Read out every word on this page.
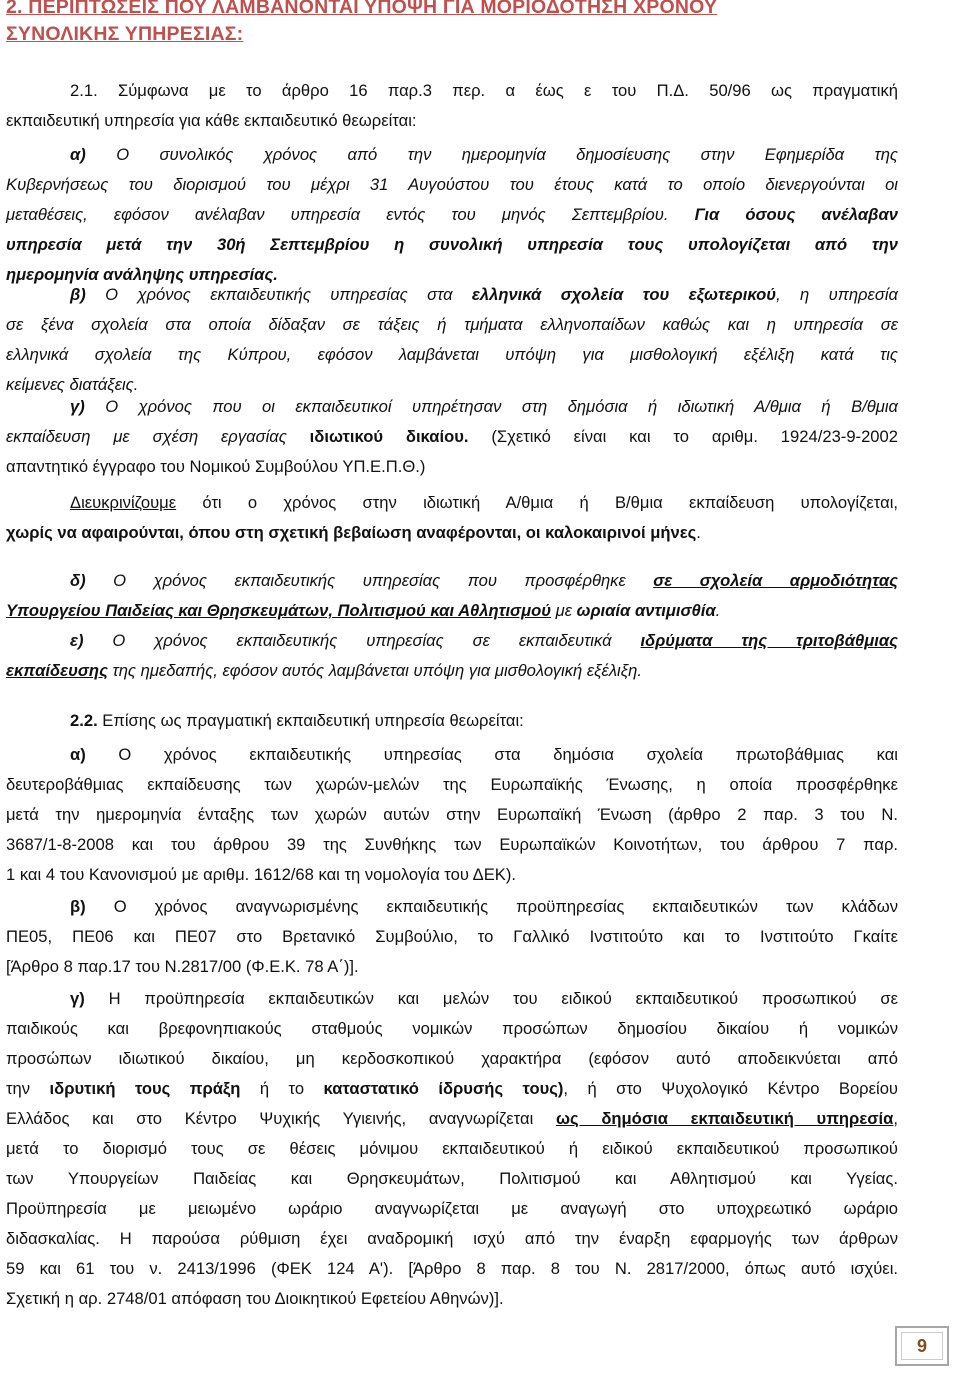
2. ΠΕΡΙΠΤΩΣΕΙΣ ΠΟΥ ΛΑΜΒΑΝΟΝΤΑΙ ΥΠΟΨΗ ΓΙΑ ΜΟΡΙΟΔΟΤΗΣΗ ΧΡΟΝΟΥ
ΣΥΝΟΛΙΚΗΣ ΥΠΗΡΕΣΙΑΣ:
2.1. Σύμφωνα με το άρθρο 16 παρ.3 περ. α έως ε του Π.Δ. 50/96 ως πραγματική
εκπαιδευτική υπηρεσία για κάθε εκπαιδευτικό θεωρείται:
α) Ο συνολικός χρόνος από την ημερομηνία δημοσίευσης στην Εφημερίδα της
Κυβερνήσεως του διορισμού του μέχρι 31 Αυγούστου του έτους κατά το οποίο διενεργούνται οι
μεταθέσεις, εφόσον ανέλαβαν υπηρεσία εντός του μηνός Σεπτεμβρίου. Για όσους ανέλαβαν
υπηρεσία μετά την 30ή Σεπτεμβρίου η συνολική υπηρεσία τους υπολογίζεται από την
ημερομηνία ανάληψης υπηρεσίας.
β) Ο χρόνος εκπαιδευτικής υπηρεσίας στα ελληνικά σχολεία του εξωτερικού, η υπηρεσία
σε ξένα σχολεία στα οποία δίδαξαν σε τάξεις ή τμήματα ελληνοπαίδων καθώς και η υπηρεσία σε
ελληνικά σχολεία της Κύπρου, εφόσον λαμβάνεται υπόψη για μισθολογική εξέλιξη κατά τις
κείμενες διατάξεις.
γ) Ο χρόνος που οι εκπαιδευτικοί υπηρέτησαν στη δημόσια ή ιδιωτική Α/θμια ή Β/θμια
εκπαίδευση με σχέση εργασίας ιδιωτικού δικαίου. (Σχετικό είναι και το αριθμ. 1924/23-9-2002
απαντητικό έγγραφο του Νομικού Συμβούλου ΥΠ.Ε.Π.Θ.)
Διευκρινίζουμε ότι ο χρόνος στην ιδιωτική Α/θμια ή Β/θμια εκπαίδευση υπολογίζεται,
χωρίς να αφαιρούνται, όπου στη σχετική βεβαίωση αναφέρονται, οι καλοκαιρινοί μήνες.
δ) Ο χρόνος εκπαιδευτικής υπηρεσίας που προσφέρθηκε σε σχολεία αρμοδιότητας
Υπουργείου Παιδείας και Θρησκευμάτων, Πολιτισμού και Αθλητισμού με ωριαία αντιμισθία.
ε) Ο χρόνος εκπαιδευτικής υπηρεσίας σε εκπαιδευτικά ιδρύματα της τριτοβάθμιας
εκπαίδευσης της ημεδαπής, εφόσον αυτός λαμβάνεται υπόψη για μισθολογική εξέλιξη.
2.2. Επίσης ως πραγματική εκπαιδευτική υπηρεσία θεωρείται:
α) Ο χρόνος εκπαιδευτικής υπηρεσίας στα δημόσια σχολεία πρωτοβάθμιας και
δευτεροβάθμιας εκπαίδευσης των χωρών-μελών της Ευρωπαϊκής Ένωσης, η οποία προσφέρθηκε
μετά την ημερομηνία ένταξης των χωρών αυτών στην Ευρωπαϊκή Ένωση (άρθρο 2 παρ. 3 του Ν.
3687/1-8-2008 και του άρθρου 39 της Συνθήκης των Ευρωπαϊκών Κοινοτήτων, του άρθρου 7 παρ.
1 και 4 του Κανονισμού με αριθμ. 1612/68 και τη νομολογία του ΔΕΚ).
β) Ο χρόνος αναγνωρισμένης εκπαιδευτικής προϋπηρεσίας εκπαιδευτικών των κλάδων
ΠΕ05, ΠΕ06 και ΠΕ07 στο Βρετανικό Συμβούλιο, το Γαλλικό Ινστιτούτο και το Ινστιτούτο Γκαίτε
[Άρθρο 8 παρ.17 του Ν.2817/00 (Φ.Ε.Κ. 78 Α΄)].
γ) Η προϋπηρεσία εκπαιδευτικών και μελών του ειδικού εκπαιδευτικού προσωπικού σε
παιδικούς και βρεφονηπιακούς σταθμούς νομικών προσώπων δημοσίου δικαίου ή νομικών
προσώπων ιδιωτικού δικαίου, μη κερδοσκοπικού χαρακτήρα (εφόσον αυτό αποδεικνύεται από
την ιδρυτική τους πράξη ή το καταστατικό ίδρυσής τους), ή στο Ψυχολογικό Κέντρο Βορείου
Ελλάδος και στο Κέντρο Ψυχικής Υγιεινής, αναγνωρίζεται ως δημόσια εκπαιδευτική υπηρεσία,
μετά το διορισμό τους σε θέσεις μόνιμου εκπαιδευτικού ή ειδικού εκπαιδευτικού προσωπικού
των Υπουργείων Παιδείας και Θρησκευμάτων, Πολιτισμού και Αθλητισμού και Υγείας.
Προϋπηρεσία με μειωμένο ωράριο αναγνωρίζεται με αναγωγή στο υποχρεωτικό ωράριο
διδασκαλίας. Η παρούσα ρύθμιση έχει αναδρομική ισχύ από την έναρξη εφαρμογής των άρθρων
59 και 61 του ν. 2413/1996 (ΦΕΚ 124 Α'). [Άρθρο 8 παρ. 8 του Ν. 2817/2000, όπως αυτό ισχύει.
Σχετική η αρ. 2748/01 απόφαση του Διοικητικού Εφετείου Αθηνών)].
9
